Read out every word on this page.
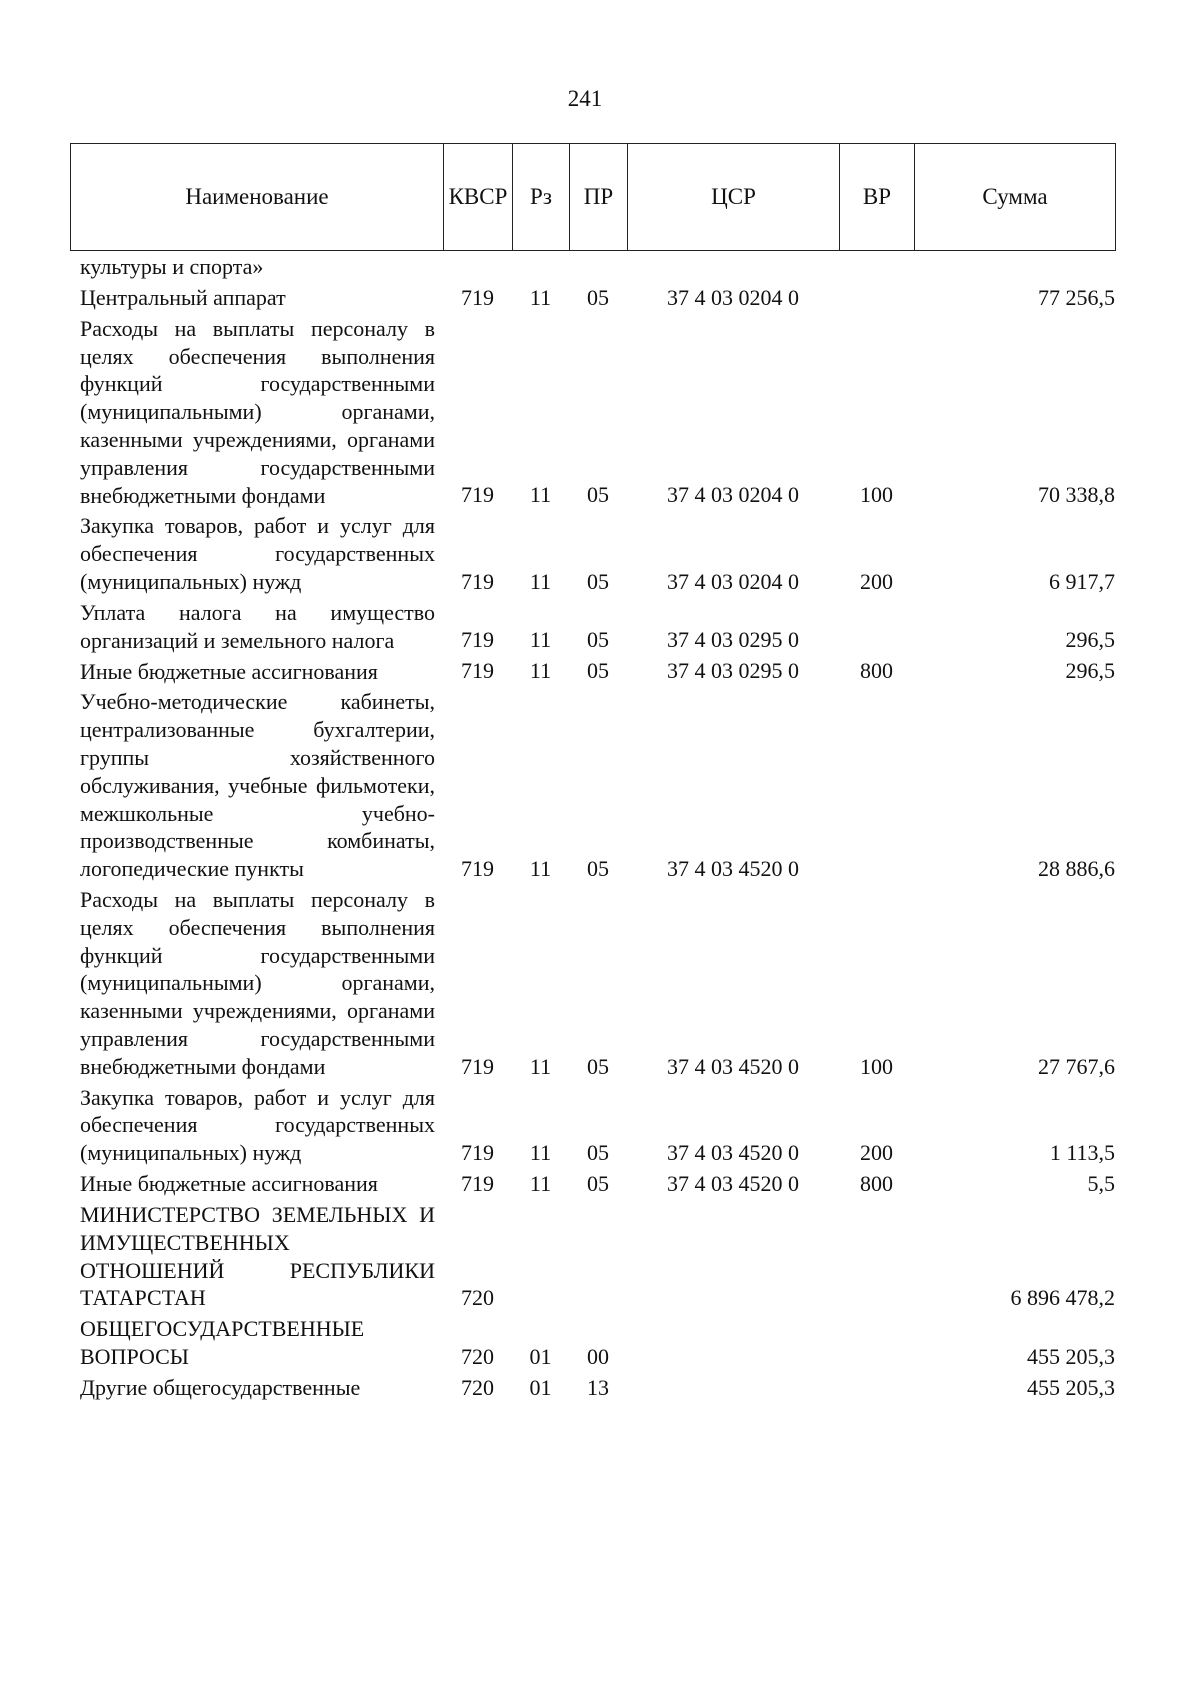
241
Наименование	КВСР	Рз	ПР	ЦСР	ВР	Сумма
культуры и спорта»						
Центральный аппарат	719	11	05	37 4 03 0204 0		77 256,5
Расходы на выплаты персоналу в целях обеспечения выполнения функций государственными (муниципальными) органами, казенными учреждениями, органами управления государственными внебюджетными фондами	719	11	05	37 4 03 0204 0	100	70 338,8
Закупка товаров, работ и услуг для обеспечения государственных (муниципальных) нужд	719	11	05	37 4 03 0204 0	200	6 917,7
Уплата налога на имущество организаций и земельного налога	719	11	05	37 4 03 0295 0		296,5
Иные бюджетные ассигнования	719	11	05	37 4 03 0295 0	800	296,5
Учебно-методические кабинеты, централизованные бухгалтерии, группы хозяйственного обслуживания, учебные фильмотеки, межшкольные учебно-производственные комбинаты, логопедические пункты	719	11	05	37 4 03 4520 0		28 886,6
Расходы на выплаты персоналу в целях обеспечения выполнения функций государственными (муниципальными) органами, казенными учреждениями, органами управления государственными внебюджетными фондами	719	11	05	37 4 03 4520 0	100	27 767,6
Закупка товаров, работ и услуг для обеспечения государственных (муниципальных) нужд	719	11	05	37 4 03 4520 0	200	1 113,5
Иные бюджетные ассигнования	719	11	05	37 4 03 4520 0	800	5,5
МИНИСТЕРСТВО ЗЕМЕЛЬНЫХ И ИМУЩЕСТВЕННЫХ ОТНОШЕНИЙ РЕСПУБЛИКИ ТАТАРСТАН	720					6 896 478,2
ОБЩЕГОСУДАРСТВЕННЫЕ ВОПРОСЫ	720	01	00			455 205,3
Другие общегосударственные	720	01	13			455 205,3
